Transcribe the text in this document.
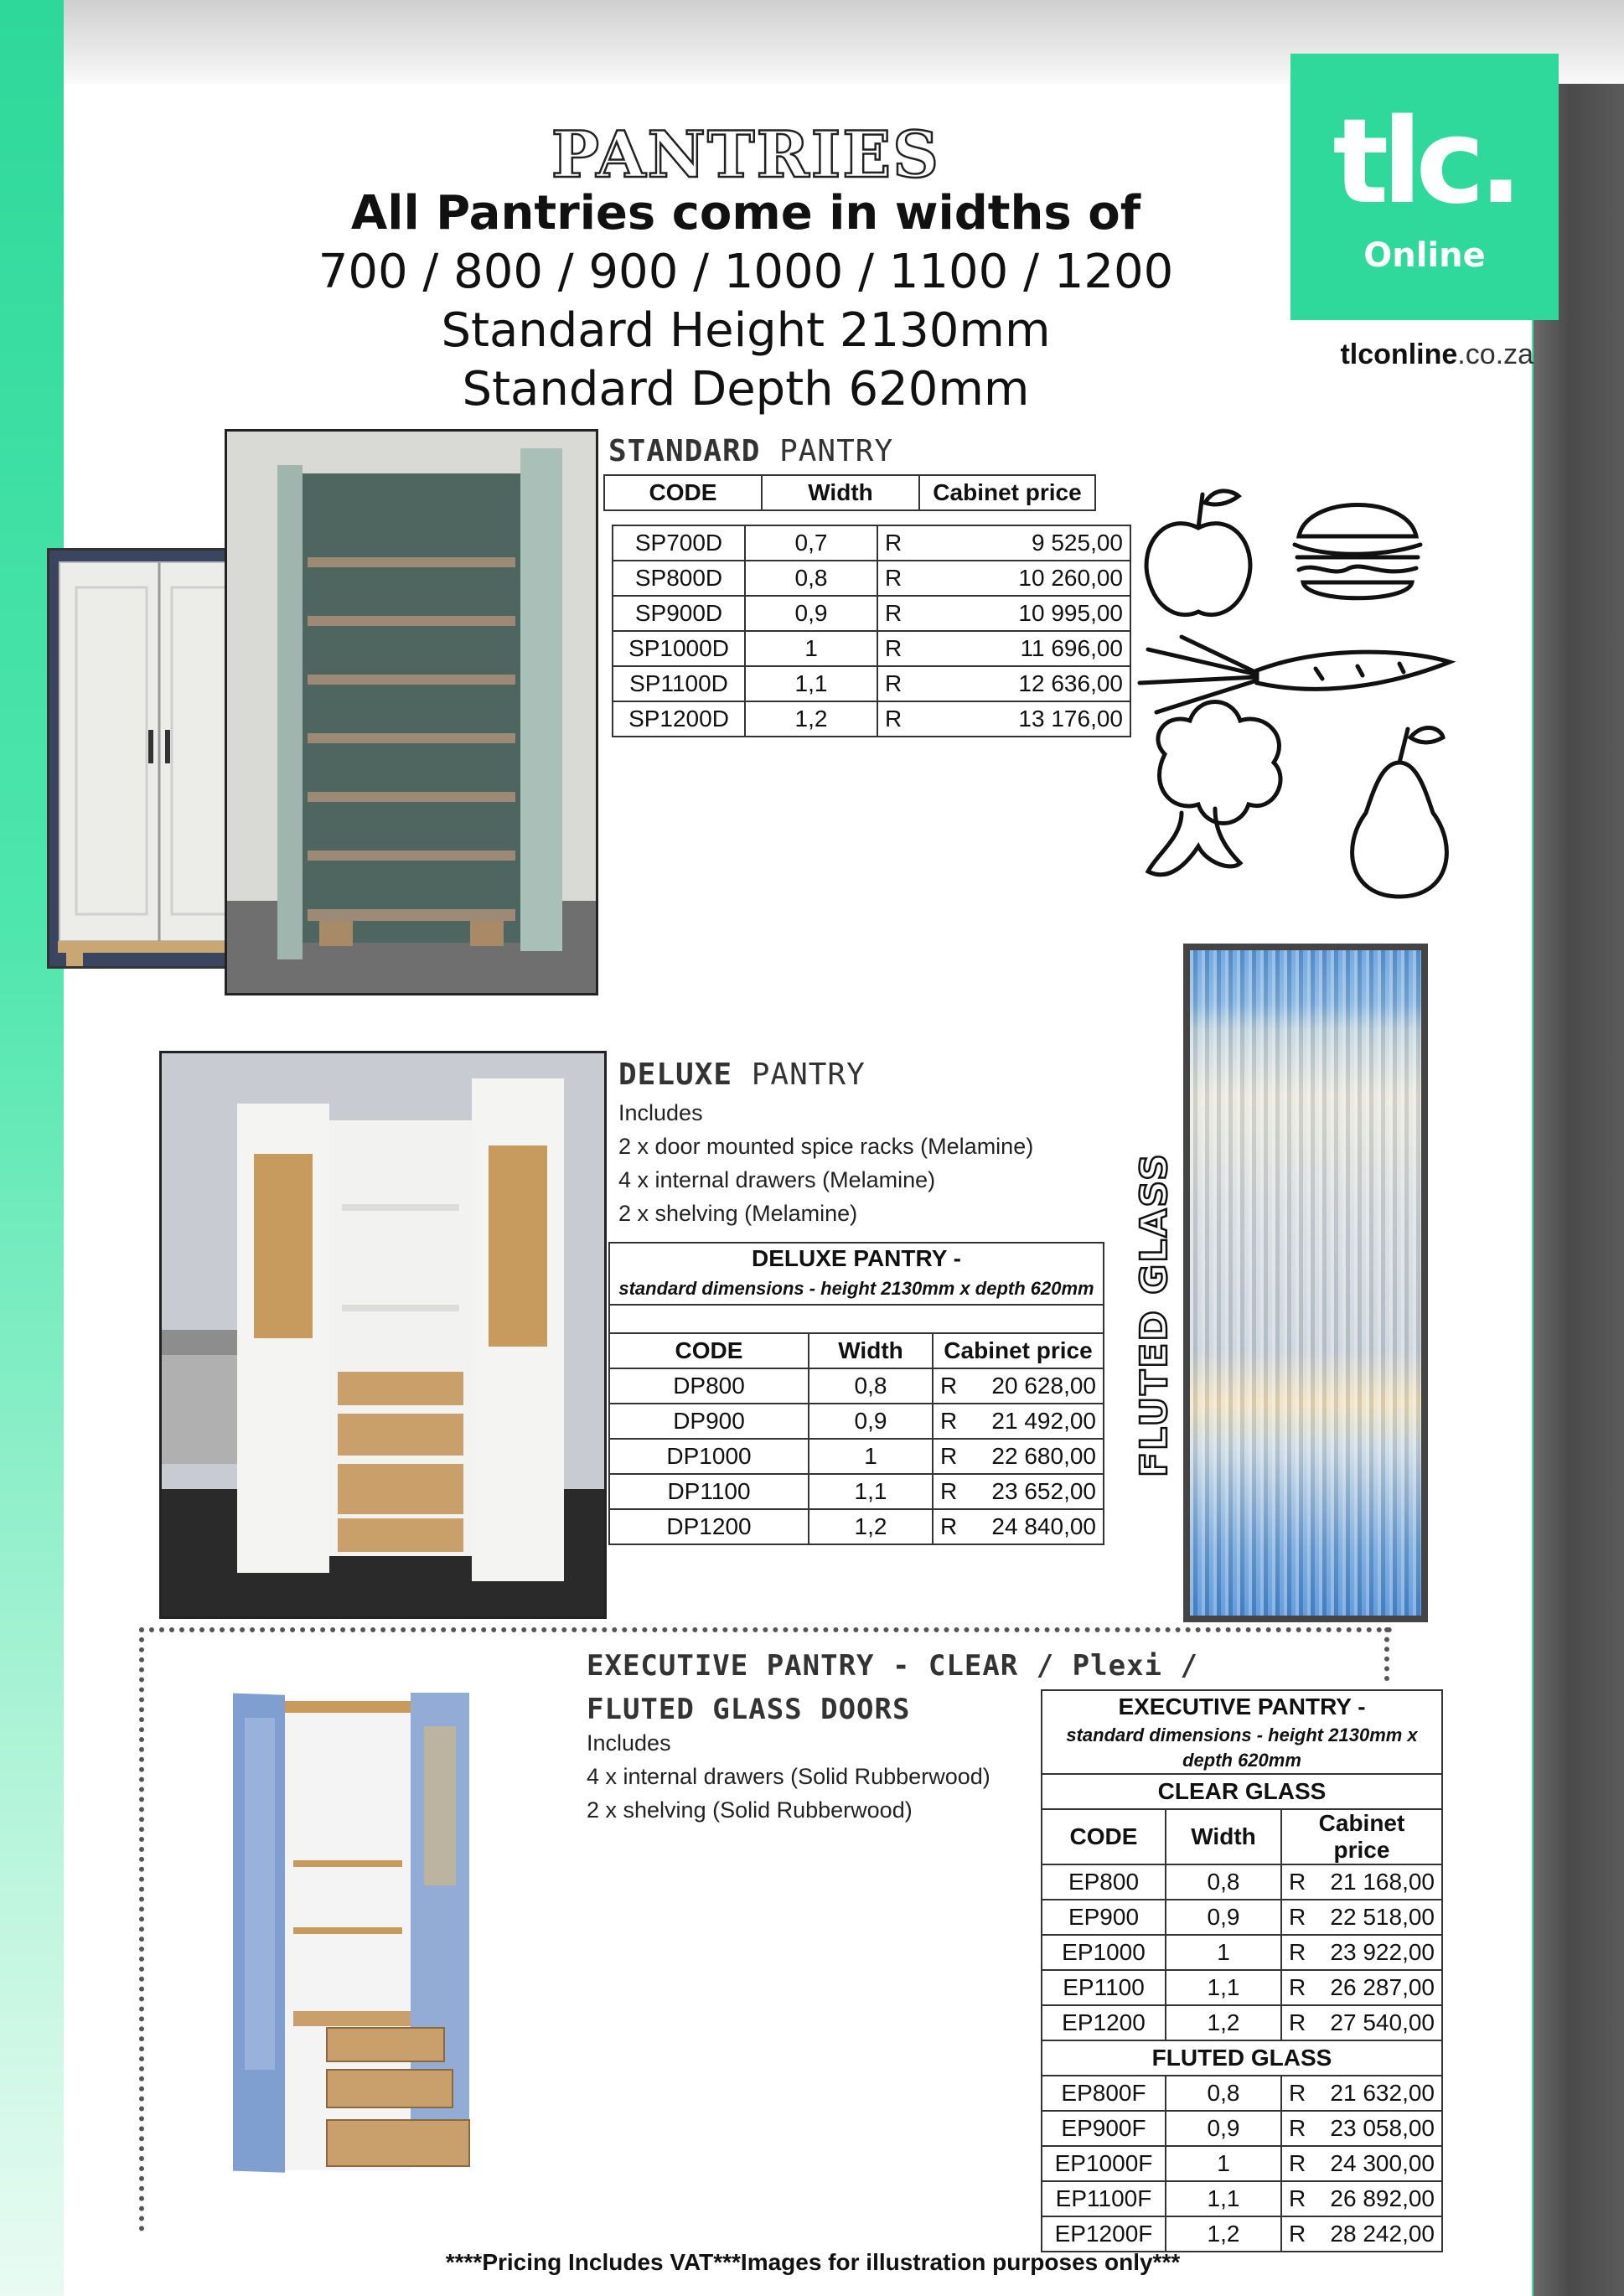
PANTRIES
All Pantries come in widths of
700 / 800 / 900 / 1000 / 1100 / 1200
Standard Height 2130mm
Standard Depth 620mm
tlc.
Online
tlconline.co.za
STANDARD PANTRY
CODE	Width	Cabinet price
SP700D	0,7	R	9 525,00
SP800D	0,8	R	10 260,00
SP900D	0,9	R	10 995,00
SP1000D	1	R	11 696,00
SP1100D	1,1	R	12 636,00
SP1200D	1,2	R	13 176,00
DELUXE PANTRY
Includes
2 x door mounted spice racks (Melamine)
4 x internal drawers (Melamine)
2 x shelving (Melamine)
DELUXE PANTRY -			
standard dimensions - height 2130mm x depth 620mm			

CODE	Width	Cabinet price	
DP800	0,8	R	20 628,00
DP900	0,9	R	21 492,00
DP1000	1	R	22 680,00
DP1100	1,1	R	23 652,00
DP1200	1,2	R	24 840,00
FLUTED GLASS
EXECUTIVE PANTRY - CLEAR / Plexi /
FLUTED GLASS DOORS
Includes
4 x internal drawers (Solid Rubberwood)
2 x shelving (Solid Rubberwood)
EXECUTIVE PANTRY -			
standard dimensions - height 2130mm x			
depth 620mm			
CLEAR GLASS			
CODE	Width	Cabinet price	
EP800	0,8	R	21 168,00
EP900	0,9	R	22 518,00
EP1000	1	R	23 922,00
EP1100	1,1	R	26 287,00
EP1200	1,2	R	27 540,00
FLUTED GLASS			
EP800F	0,8	R	21 632,00
EP900F	0,9	R	23 058,00
EP1000F	1	R	24 300,00
EP1100F	1,1	R	26 892,00
EP1200F	1,2	R	28 242,00
****Pricing Includes VAT***Images for illustration purposes only***
